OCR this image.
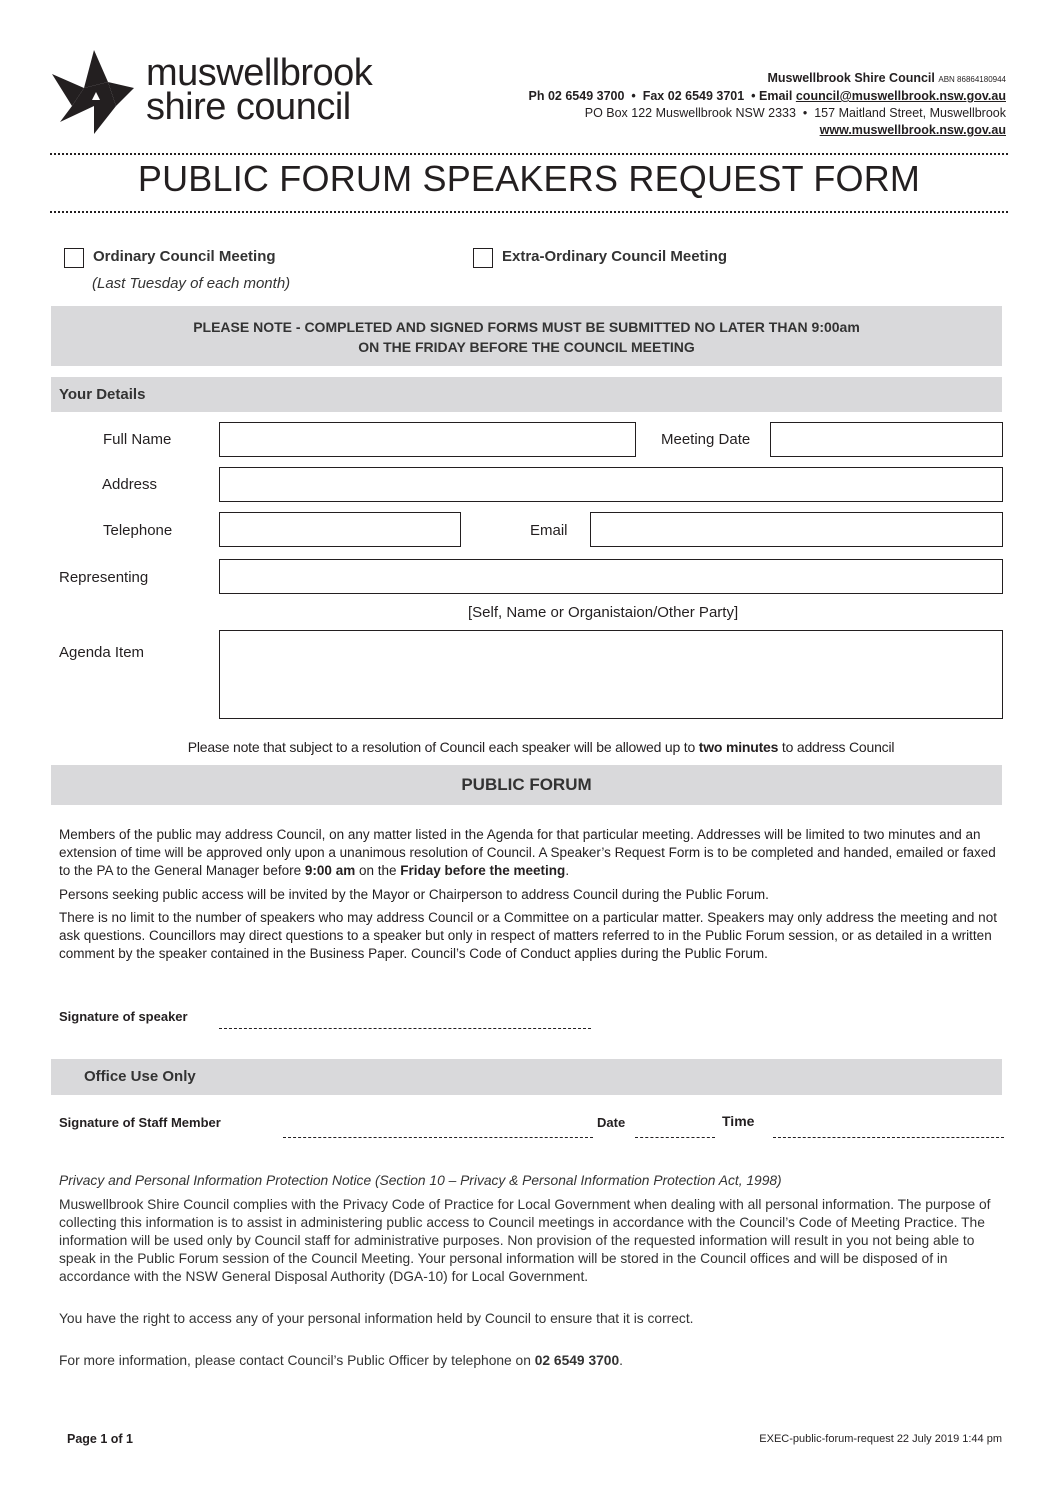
muswellbrook
shire council
Muswellbrook Shire Council ABN 86864180944
Ph 02 6549 3700  •  Fax 02 6549 3701  • Email council@muswellbrook.nsw.gov.au
PO Box 122 Muswellbrook NSW 2333  •  157 Maitland Street, Muswellbrook
www.muswellbrook.nsw.gov.au
PUBLIC FORUM SPEAKERS REQUEST FORM
Ordinary Council Meeting
(Last Tuesday of each month)
Extra-Ordinary Council Meeting
PLEASE NOTE - COMPLETED AND SIGNED FORMS MUST BE SUBMITTED NO LATER THAN 9:00am
ON THE FRIDAY BEFORE THE COUNCIL MEETING
Your Details
Full Name	Meeting Date
Address
Telephone	Email
Representing
[Self, Name or Organistaion/Other Party]
Agenda Item
Please note that subject to a resolution of Council each speaker will be allowed up to two minutes to address Council
PUBLIC FORUM
Members of the public may address Council, on any matter listed in the Agenda for that particular meeting. Addresses will be limited to two minutes and an extension of time will be approved only upon a unanimous resolution of Council. A Speaker’s Request Form is to be completed and handed, emailed or faxed to the PA to the General Manager before 9:00 am on the Friday before the meeting.
Persons seeking public access will be invited by the Mayor or Chairperson to address Council during the Public Forum.
There is no limit to the number of speakers who may address Council or a Committee on a particular matter. Speakers may only address the meeting and not ask questions. Councillors may direct questions to a speaker but only in respect of matters referred to in the Public Forum session, or as detailed in a written comment by the speaker contained in the Business Paper. Council’s Code of Conduct applies during the Public Forum.
Signature of speaker
Office Use Only
Signature of Staff Member	Date	Time
Privacy and Personal Information Protection Notice (Section 10 – Privacy & Personal Information Protection Act, 1998)
Muswellbrook Shire Council complies with the Privacy Code of Practice for Local Government when dealing with all personal information. The purpose of collecting this information is to assist in administering public access to Council meetings in accordance with the Council’s Code of Meeting Practice. The information will be used only by Council staff for administrative purposes. Non provision of the requested information will result in you not being able to speak in the Public Forum session of the Council Meeting. Your personal information will be stored in the Council offices and will be disposed of in accordance with the NSW General Disposal Authority (DGA-10) for Local Government.
You have the right to access any of your personal information held by Council to ensure that it is correct.
For more information, please contact Council’s Public Officer by telephone on 02 6549 3700.
Page 1 of 1	EXEC-public-forum-request 22 July 2019 1:44 pm
